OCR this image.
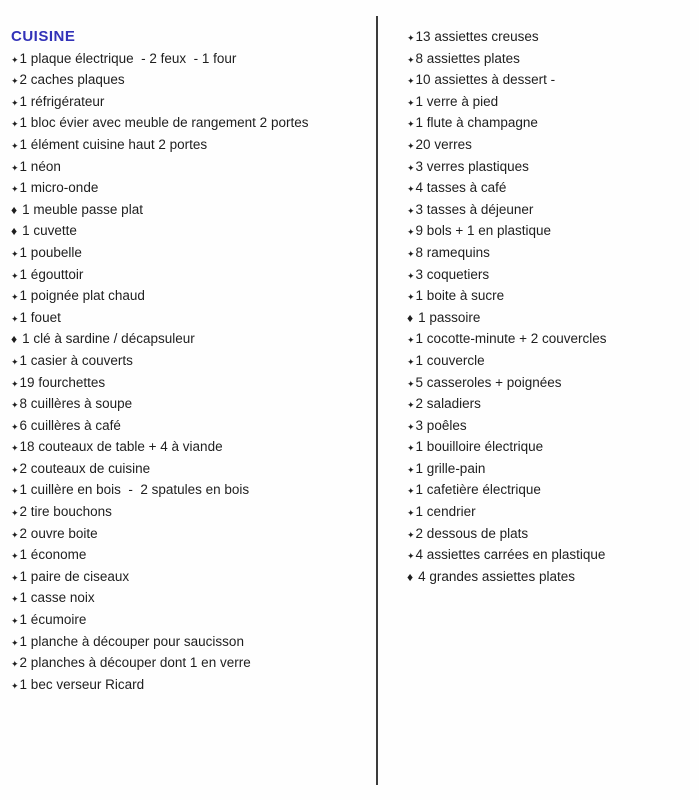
CUISINE
✦ 1 plaque électrique  - 2 feux  - 1 four
✦ 2 caches plaques
✦ 1 réfrigérateur
✦ 1 bloc évier avec meuble de rangement 2 portes
✦ 1 élément cuisine haut 2 portes
✦ 1 néon
✦ 1 micro-onde
♦ 1 meuble passe plat
♦ 1 cuvette
✦ 1 poubelle
✦ 1 égouttoir
✦ 1 poignée plat chaud
✦ 1 fouet
♦ 1 clé à sardine / décapsuleur
✦ 1 casier à couverts
✦ 19 fourchettes
✦ 8 cuillères à soupe
✦ 6 cuillères à café
✦ 18 couteaux de table + 4 à viande
✦ 2 couteaux de cuisine
✦ 1 cuillère en bois  -  2 spatules en bois
✦ 2 tire bouchons
✦ 2 ouvre boite
✦ 1 économe
✦ 1 paire de ciseaux
✦ 1 casse noix
✦ 1 écumoire
✦ 1 planche à découper pour saucisson
✦ 2 planches à découper dont 1 en verre
✦ 1 bec verseur Ricard
✦ 13 assiettes creuses
✦ 8 assiettes plates
✦ 10 assiettes à dessert -
✦ 1 verre à pied
✦ 1 flute à champagne
✦ 20 verres
✦ 3 verres plastiques
✦ 4 tasses à café
✦ 3 tasses à déjeuner
✦ 9 bols + 1 en plastique
✦ 8 ramequins
✦ 3 coquetiers
✦ 1 boite à sucre
♦ 1 passoire
✦ 1 cocotte-minute + 2 couvercles
✦ 1 couvercle
✦ 5 casseroles + poignées
✦ 2 saladiers
✦ 3 poêles
✦ 1 bouilloire électrique
✦ 1 grille-pain
✦ 1 cafetière électrique
✦ 1 cendrier
✦ 2 dessous de plats
✦ 4 assiettes carrées en plastique
♦ 4 grandes assiettes plates
